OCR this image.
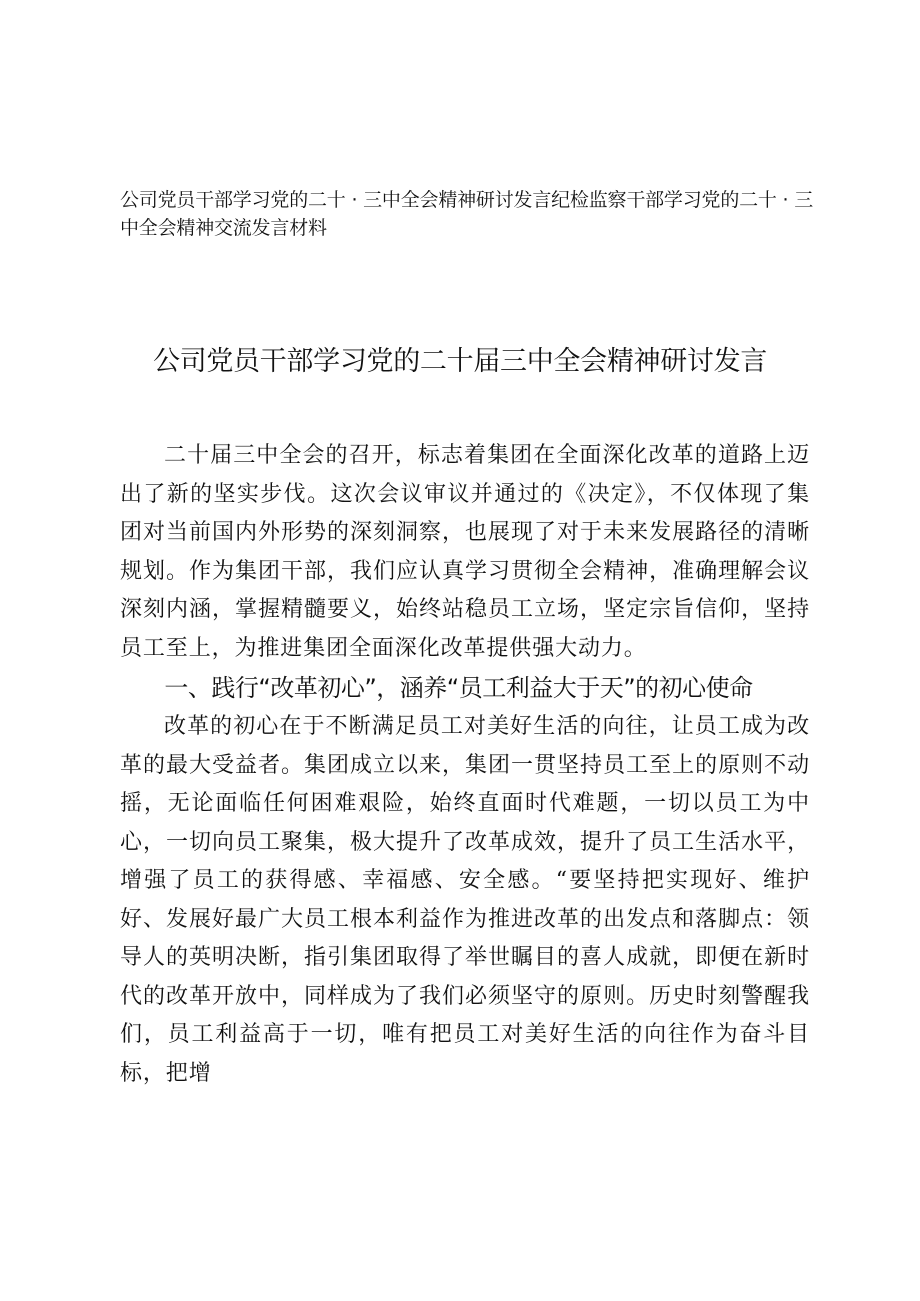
公司党员干部学习党的二十 · 三中全会精神研讨发言纪检监察干部学习党的二十 · 三中全会精神交流发言材料

公司党员干部学习党的二十届三中全会精神研讨发言

二十届三中全会的召开，标志着集团在全面深化改革的道路上迈出了新的坚实步伐。这次会议审议并通过的《决定》，不仅体现了集团对当前国内外形势的深刻洞察，也展现了对于未来发展路径的清晰规划。作为集团干部，我们应认真学习贯彻全会精神，准确理解会议深刻内涵，掌握精髓要义，始终站稳员工立场，坚定宗旨信仰，坚持员工至上，为推进集团全面深化改革提供强大动力。

一、践行“改革初心”，涵养“员工利益大于天”的初心使命

改革的初心在于不断满足员工对美好生活的向往，让员工成为改革的最大受益者。集团成立以来，集团一贯坚持员工至上的原则不动摇，无论面临任何困难艰险，始终直面时代难题，一切以员工为中心，一切向员工聚集，极大提升了改革成效，提升了员工生活水平，增强了员工的获得感、幸福感、安全感。“要坚持把实现好、维护好、发展好最广大员工根本利益作为推进改革的出发点和落脚点：领导人的英明决断，指引集团取得了举世瞩目的喜人成就，即便在新时代的改革开放中，同样成为了我们必须坚守的原则。历史时刻警醒我们，员工利益高于一切，唯有把员工对美好生活的向往作为奋斗目标，把增
